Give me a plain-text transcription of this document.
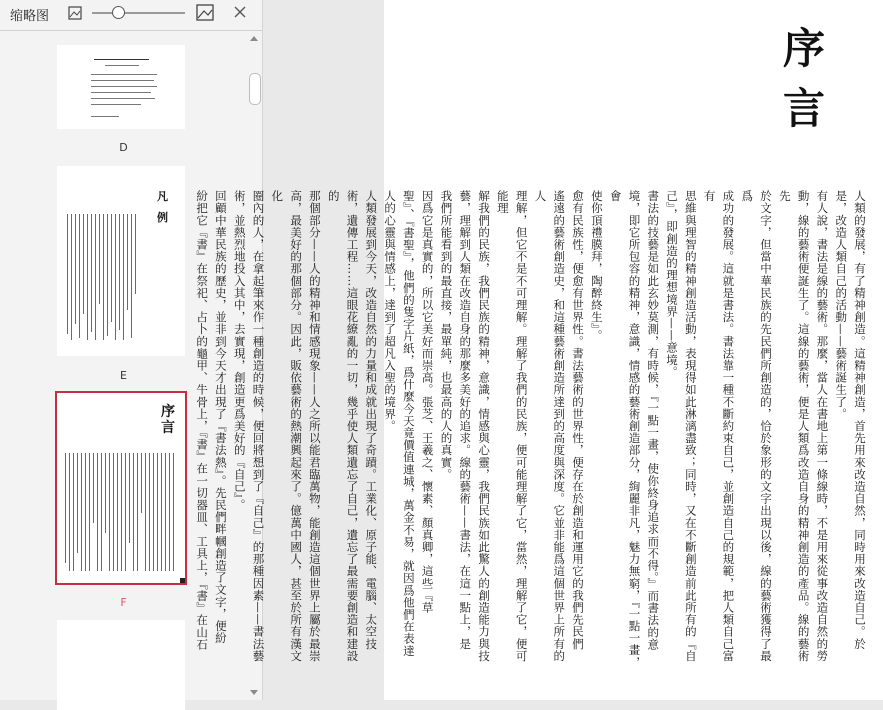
缩略图
D
凡
例
E
序
言
F
序
言

人類的發展，有了精神創造。這精神創造，首先用來改造自然，同時用來改造自己。於

是，改造人類自己的活動——藝術誕生了。

有人說，書法是線的藝術。那麼，當人在書地上第一條線時，不是用來從事改造自然的勞

動，線的藝術便誕生了。這線的藝術，便是人類爲改造自身的精神創造的產品。線的藝術先

於文字，但當中華民族的先民們所創造的，恰於象形的文字出現以後，線的藝術獲得了最爲

成功的發展。這就是書法。書法靠一種不斷約束自己，並創造自己的規範，把人類自己富有

思維與理智的精神創造活動，表現得如此淋漓盡致；同時，又在不斷創造前此所有的『自

己』，即創造的理想境界——意境。

書法的技藝是如此玄妙莫測，有時候，『一點一畫，使你終身追求而不得。』而書法的意

境，即它所包容的精神，意識，情感的藝術創造部分，絢麗非凡，魅力無窮，『一點一畫，會

使你頂禮膜拜，陶醉終生』。

愈有民族性，便愈有世界性。書法藝術的世界性，便存在於創造和運用它的我們先民們

遙遠的藝術創造史，和這種藝術創造所達到的高度與深度。它並非能爲這個世界上所有的人

理解，但它不是不可理解。理解了我們的民族，便可能理解了它，當然，理解了它，便可能理

解我們的民族，我們民族的精神，意識，情感與心靈，我們民族如此驚人的創造能力與技

藝，理解到人類在改造自身的那麼多美好的追求。線的藝術——書法，在這一點上，是

我們所能看到的最直接，最單純，也最高的人的真實。

因爲它是真實的，所以它美好而崇高。張芝、王羲之、懷素、顏真卿，這些『草

聖』、『書聖』，他們的隻字片紙，爲什麼今天竟價值連城，萬金不易，就因爲他們在表達

人的心靈與情感上，達到了超凡入聖的境界。

人類發展到今天，改造自然的力量和成就出現了奇蹟。工業化、原子能、電腦、太空技

術，遺傳工程……這眼花繚亂的一切，幾乎使人類遺忘了自己，遺忘了最需要創造和建設的

那個部分——人的精神和情感現象——人之所以能君臨萬物，能創造這個世界上屬於最崇

高，最美好的那個部分。因此，販依藝術的熱潮興起來了。億萬中國人，甚至於所有漢文化

圈內的人，在拿起筆來作一種創造的時候，便回將想到了『自己』的那種因素——書法藝

術，並熱烈地投入其中，去實現，創造更爲美好的『自己』。

回顧中華民族的歷史，並非到今天才出現了『書法熱』。先民們畔幗創造了文字，便紛

紛把它『書』在祭祀、占卜的龜甲、牛骨上，『書』在一切器皿、工具上，『書』在山石
